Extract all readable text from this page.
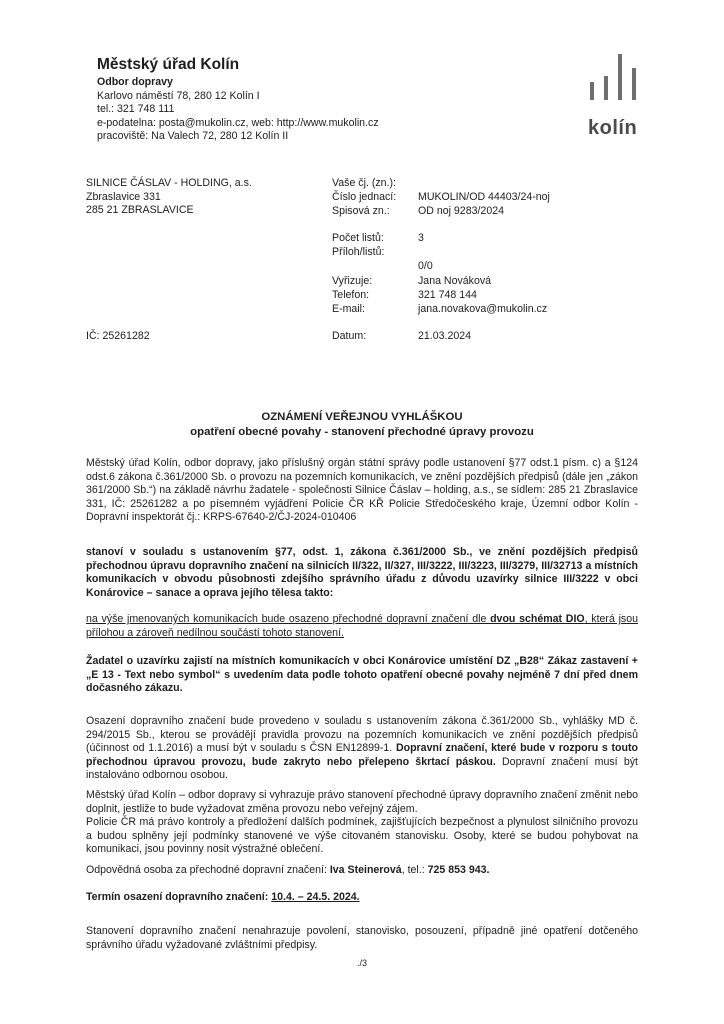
Městský úřad Kolín
Odbor dopravy
Karlovo náměstí 78, 280 12 Kolín I
tel.: 321 748 111
e-podatelna: posta@mukolin.cz, web: http://www.mukolin.cz
pracoviště: Na Valech 72, 280 12 Kolín II	kolín
SILNICE ČÁSLAV - HOLDING, a.s.
Zbraslavice 331
285 21 ZBRASLAVICE
IČ: 25261282
Vaše čj. (zn.):
Číslo jednací: MUKOLIN/OD 44403/24-noj
Spisová zn.:	OD noj 9283/2024
Počet listů:	3
Příloh/listů:
0/0
Vyřizuje:	Jana Nováková
Telefon:	321 748 144
E-mail:	jana.novakova@mukolin.cz
Datum:	21.03.2024
OZNÁMENÍ VEŘEJNOU VYHLÁŠKOU
opatření obecné povahy - stanovení přechodné úpravy provozu
Městský úřad Kolín, odbor dopravy, jako příslušný orgán státní správy podle ustanovení §77 odst.1 písm. c) a §124 odst.6 zákona č.361/2000 Sb. o provozu na pozemních komunikacích, ve znění pozdějších předpisů (dále jen „zákon 361/2000 Sb.“) na základě návrhu žadatele - společnosti Silnice Čáslav – holding, a.s., se sídlem: 285 21 Zbraslavice 331, IČ: 25261282 a po písemném vyjádření Policie ČR KŘ Policie Středočeského kraje, Územní odbor Kolín - Dopravní inspektorát čj.: KRPS-67640-2/ČJ-2024-010406
stanoví v souladu s ustanovením §77, odst. 1, zákona č.361/2000 Sb., ve znění pozdějších předpisů přechodnou úpravu dopravního značení na silnicích II/322, II/327, III/3222, III/3223, III/3279, III/32713 a místních komunikacích v obvodu působnosti zdejšího správního úřadu z důvodu uzavírky silnice III/3222 v obci Konárovice – sanace a oprava jejího tělesa takto:
na výše jmenovaných komunikacích bude osazeno přechodné dopravní značení dle dvou schémat DIO, která jsou přílohou a zároveň nedílnou součástí tohoto stanovení.
Žadatel o uzavírku zajistí na místních komunikacích v obci Konárovice umístění DZ „B28“ Zákaz zastavení + „E 13 - Text nebo symbol“ s uvedením data podle tohoto opatření obecné povahy nejméně 7 dní před dnem dočasného zákazu.
Osazení dopravního značení bude provedeno v souladu s ustanovením zákona č.361/2000 Sb., vyhlášky MD č. 294/2015 Sb., kterou se provádějí pravidla provozu na pozemních komunikacích ve znění pozdějších předpisů (účinnost od 1.1.2016) a musí být v souladu s ČSN EN12899-1. Dopravní značení, které bude v rozporu s touto přechodnou úpravou provozu, bude zakryto nebo přelepeno škrtací páskou. Dopravní značení musí být instalováno odbornou osobou.
Městský úřad Kolín – odbor dopravy si vyhrazuje právo stanovení přechodné úpravy dopravního značení změnit nebo doplnit, jestliže to bude vyžadovat změna provozu nebo veřejný zájem.
Policie ČR má právo kontroly a předložení dalších podmínek, zajišťujících bezpečnost a plynulost silničního provozu a budou splněny její podmínky stanovené ve výše citovaném stanovisku. Osoby, které se budou pohybovat na komunikaci, jsou povinny nosit výstražné oblečení.
Odpovědná osoba za přechodné dopravní značení: Iva Steinerová, tel.: 725 853 943.
Termín osazení dopravního značení: 10.4. – 24.5. 2024.
Stanovení dopravního značení nenahrazuje povolení, stanovisko, posouzení, případně jiné opatření dotčeného správního úřadu vyžadované zvláštními předpisy.
./3
